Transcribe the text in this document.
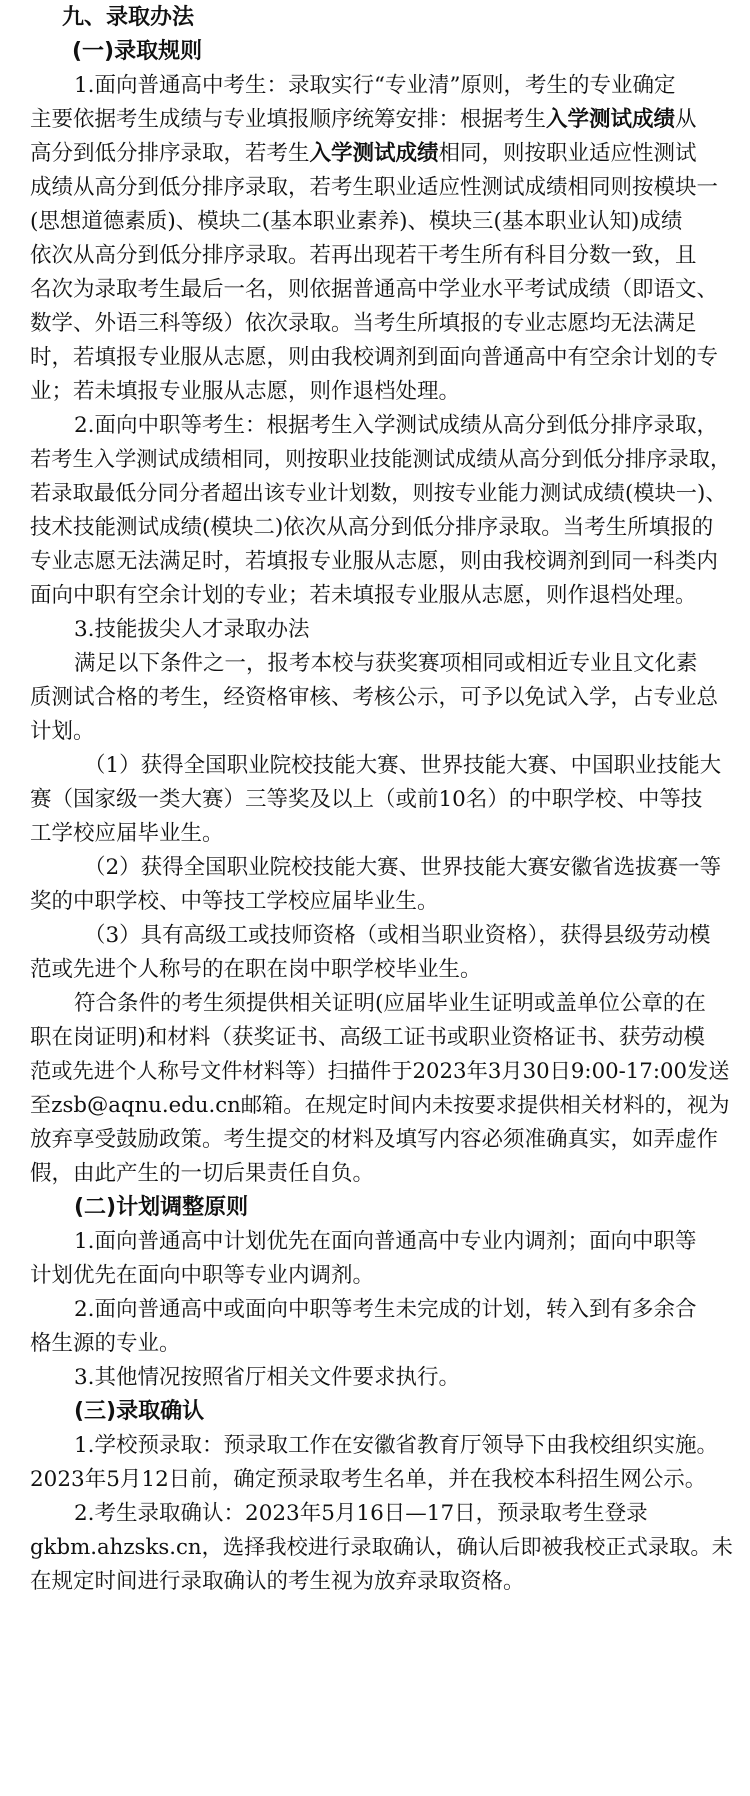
九、录取办法
(一)录取规则
1.面向普通高中考生：录取实行“专业清”原则，考生的专业确定
主要依据考生成绩与专业填报顺序统筹安排：根据考生入学测试成绩从
高分到低分排序录取，若考生入学测试成绩相同，则按职业适应性测试
成绩从高分到低分排序录取，若考生职业适应性测试成绩相同则按模块一
(思想道德素质)、模块二(基本职业素养)、模块三(基本职业认知)成绩
依次从高分到低分排序录取。若再出现若干考生所有科目分数一致，且
名次为录取考生最后一名，则依据普通高中学业水平考试成绩（即语文、
数学、外语三科等级）依次录取。当考生所填报的专业志愿均无法满足
时，若填报专业服从志愿，则由我校调剂到面向普通高中有空余计划的专
业；若未填报专业服从志愿，则作退档处理。
2.面向中职等考生：根据考生入学测试成绩从高分到低分排序录取，
若考生入学测试成绩相同，则按职业技能测试成绩从高分到低分排序录取，
若录取最低分同分者超出该专业计划数，则按专业能力测试成绩(模块一)、
技术技能测试成绩(模块二)依次从高分到低分排序录取。当考生所填报的
专业志愿无法满足时，若填报专业服从志愿，则由我校调剂到同一科类内
面向中职有空余计划的专业；若未填报专业服从志愿，则作退档处理。
3.技能拔尖人才录取办法
满足以下条件之一，报考本校与获奖赛项相同或相近专业且文化素
质测试合格的考生，经资格审核、考核公示，可予以免试入学，占专业总
计划。
（1）获得全国职业院校技能大赛、世界技能大赛、中国职业技能大
赛（国家级一类大赛）三等奖及以上（或前10名）的中职学校、中等技
工学校应届毕业生。
（2）获得全国职业院校技能大赛、世界技能大赛安徽省选拔赛一等
奖的中职学校、中等技工学校应届毕业生。
（3）具有高级工或技师资格（或相当职业资格），获得县级劳动模
范或先进个人称号的在职在岗中职学校毕业生。
符合条件的考生须提供相关证明(应届毕业生证明或盖单位公章的在
职在岗证明)和材料（获奖证书、高级工证书或职业资格证书、获劳动模
范或先进个人称号文件材料等）扫描件于2023年3月30日9:00-17:00发送
至zsb@aqnu.edu.cn邮箱。在规定时间内未按要求提供相关材料的，视为
放弃享受鼓励政策。考生提交的材料及填写内容必须准确真实，如弄虚作
假，由此产生的一切后果责任自负。
(二)计划调整原则
1.面向普通高中计划优先在面向普通高中专业内调剂；面向中职等
计划优先在面向中职等专业内调剂。
2.面向普通高中或面向中职等考生未完成的计划，转入到有多余合
格生源的专业。
3.其他情况按照省厅相关文件要求执行。
(三)录取确认
1.学校预录取：预录取工作在安徽省教育厅领导下由我校组织实施。
2023年5月12日前，确定预录取考生名单，并在我校本科招生网公示。
2.考生录取确认：2023年5月16日—17日，预录取考生登录
gkbm.ahzsks.cn，选择我校进行录取确认，确认后即被我校正式录取。未
在规定时间进行录取确认的考生视为放弃录取资格。
